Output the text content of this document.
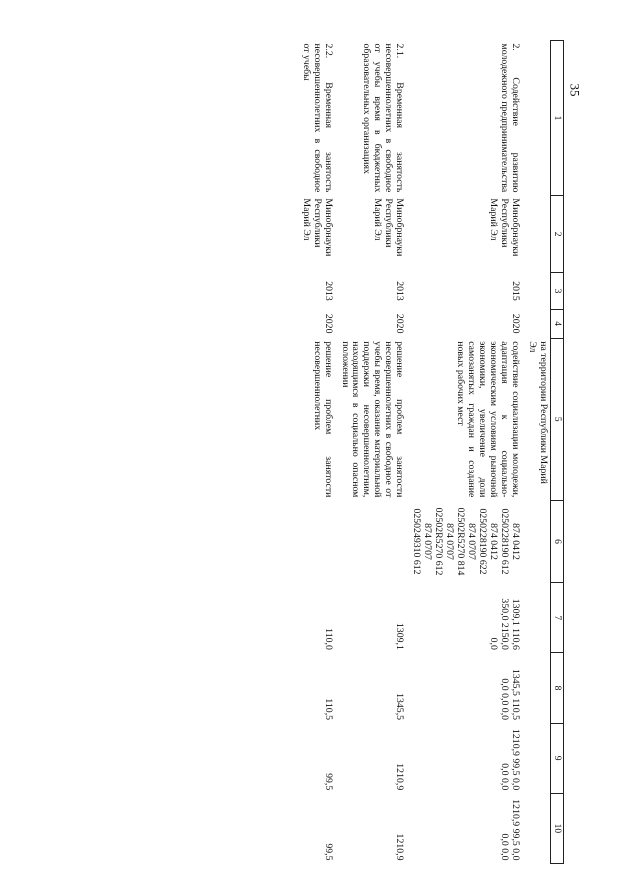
35
1	2	3	4	5	6	7	8	9	10
				на территории Республики Марий Эл					
2. Содействие развитию молодежного предпринимательства	Минобрнауки Республики Марий Эл	2015	2020	содействие социализации молодежи, адаптация к социально-экономическим условиям рыночной экономики, увеличение доли самозанятых граждан и создание новых рабочих мест	874 0412 0250228190 612 874 0412 0250228190 622 874 0707 02502R5270 814 874 0707 02502R5270 612 874 0707 0250249310 612	1309,1 110,6 350,0 2150,0 0,0	1345,5 110,5 0,0 0,0 0,0	1210,9 99,5 0,0 0,0 0,0	1210,9 99,5 0,0 0,0 0,0
2.1. Временная занятость несовершеннолетних в свободное от учебы время в бюджетных образовательных организациях	Минобрнауки Республики Марий Эл	2013	2020	решение проблем занятости несовершеннолетних в свободное от учебы время, оказание материальной поддержки несовершеннолетним, находящимся в социально опасном положении		1309,1	1345,5	1210,9	1210,9
2.2. Временная занятость несовершеннолетних в свободное от учебы	Минобрнауки Республики Марий Эл	2013	2020	решение проблем занятости несовершеннолетних		110,0	110,5	99,5	99,5
